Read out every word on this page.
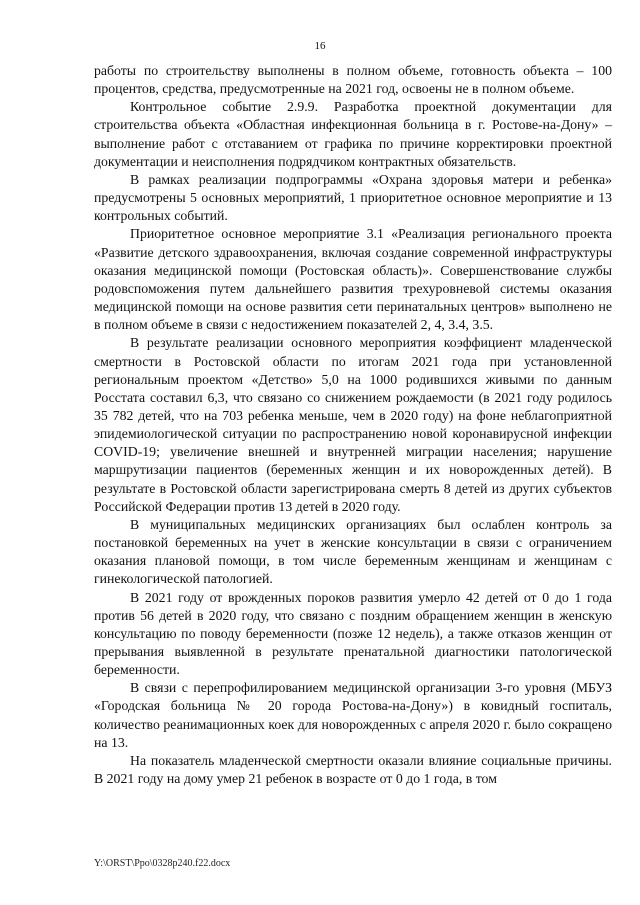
16

работы по строительству выполнены в полном объеме, готовность объекта – 100 процентов, средства, предусмотренные на 2021 год, освоены не в полном объеме.

Контрольное событие 2.9.9. Разработка проектной документации для строительства объекта «Областная инфекционная больница в г. Ростове-на-Дону» – выполнение работ с отставанием от графика по причине корректировки проектной документации и неисполнения подрядчиком контрактных обязательств.

В рамках реализации подпрограммы «Охрана здоровья матери и ребенка» предусмотрены 5 основных мероприятий, 1 приоритетное основное мероприятие и 13 контрольных событий.

Приоритетное основное мероприятие 3.1 «Реализация регионального проекта «Развитие детского здравоохранения, включая создание современной инфраструктуры оказания медицинской помощи (Ростовская область)». Совершенствование службы родовспоможения путем дальнейшего развития трехуровневой системы оказания медицинской помощи на основе развития сети перинатальных центров» выполнено не в полном объеме в связи с недостижением показателей 2, 4, 3.4, 3.5.

В результате реализации основного мероприятия коэффициент младенческой смертности в Ростовской области по итогам 2021 года при установленной региональным проектом «Детство» 5,0 на 1000 родившихся живыми по данным Росстата составил 6,3, что связано со снижением рождаемости (в 2021 году родилось 35 782 детей, что на 703 ребенка меньше, чем в 2020 году) на фоне неблагоприятной эпидемиологической ситуации по распространению новой коронавирусной инфекции COVID-19; увеличение внешней и внутренней миграции населения; нарушение маршрутизации пациентов (беременных женщин и их новорожденных детей). В результате в Ростовской области зарегистрирована смерть 8 детей из других субъектов Российской Федерации против 13 детей в 2020 году.

В муниципальных медицинских организациях был ослаблен контроль за постановкой беременных на учет в женские консультации в связи с ограничением оказания плановой помощи, в том числе беременным женщинам и женщинам с гинекологической патологией.

В 2021 году от врожденных пороков развития умерло 42 детей от 0 до 1 года против 56 детей в 2020 году, что связано с поздним обращением женщин в женскую консультацию по поводу беременности (позже 12 недель), а также отказов женщин от прерывания выявленной в результате пренатальной диагностики патологической беременности.

В связи с перепрофилированием медицинской организации 3-го уровня (МБУЗ «Городская больница № 20 города Ростова-на-Дону») в ковидный госпиталь, количество реанимационных коек для новорожденных с апреля 2020 г. было сокращено на 13.

На показатель младенческой смертности оказали влияние социальные причины. В 2021 году на дому умер 21 ребенок в возрасте от 0 до 1 года, в том

Y:\ORST\Ppo\0328p240.f22.docx
